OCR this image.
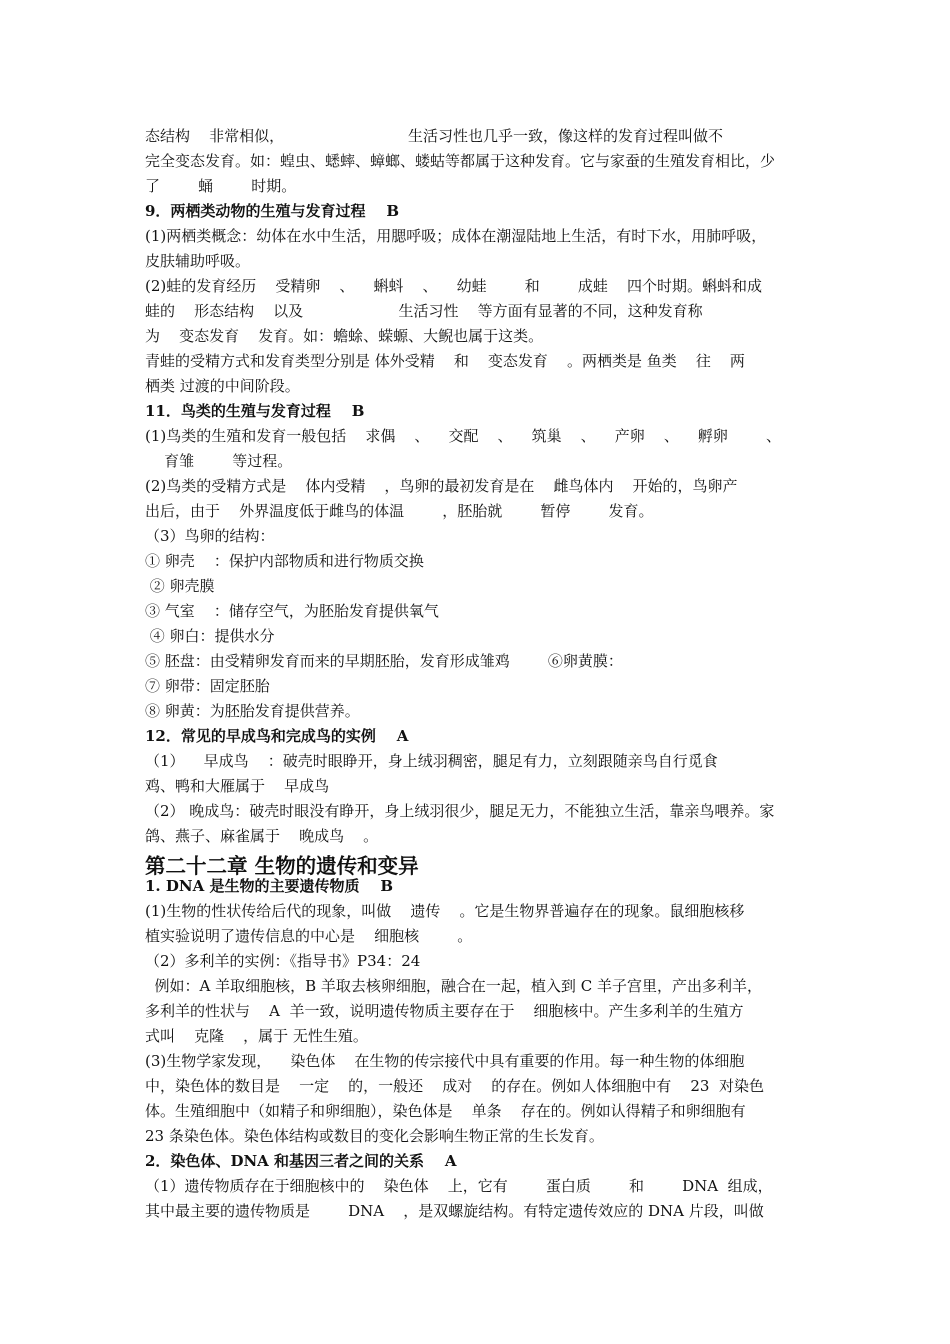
态结构    非常相似，                          生活习性也几乎一致，像这样的发育过程叫做不
完全变态发育。如：蝗虫、蟋蟀、蟑螂、蝼蛄等都属于这种发育。它与家蚕的生殖发育相比，少
了        蛹        时期。
9．两栖类动物的生殖与发育过程    B
(1)两栖类概念：幼体在水中生活，用腮呼吸；成体在潮湿陆地上生活，有时下水，用肺呼吸，
皮肤辅助呼吸。
(2)蛙的发育经历    受精卵    、    蝌蚪    、    幼蛙        和        成蛙    四个时期。蝌蚪和成
蛙的    形态结构    以及                    生活习性    等方面有显著的不同，这种发育称
为    变态发育    发育。如：蟾蜍、蝾螈、大鲵也属于这类。
青蛙的受精方式和发育类型分别是 体外受精    和    变态发育    。两栖类是 鱼类    往    两
栖类 过渡的中间阶段。
11．鸟类的生殖与发育过程    B
(1)鸟类的生殖和发育一般包括    求偶    、    交配    、    筑巢    、    产卵    、    孵卵        、
育雏        等过程。
(2)鸟类的受精方式是    体内受精    ，鸟卵的最初发育是在    雌鸟体内    开始的，鸟卵产
出后，由于    外界温度低于雌鸟的体温        ，胚胎就        暂停        发育。
（3）鸟卵的结构：
① 卵壳    ：保护内部物质和进行物质交换
② 卵壳膜
③ 气室    ：储存空气，为胚胎发育提供氧气
④ 卵白：提供水分
⑤ 胚盘：由受精卵发育而来的早期胚胎，发育形成雏鸡        ⑥卵黄膜：
⑦ 卵带：固定胚胎
⑧ 卵黄：为胚胎发育提供营养。
12．常见的早成鸟和完成鸟的实例    A
（1）    早成鸟    ：破壳时眼睁开，身上绒羽稠密，腿足有力，立刻跟随亲鸟自行觅食
鸡、鸭和大雁属于    早成鸟
（2） 晚成鸟：破壳时眼没有睁开，身上绒羽很少，腿足无力，不能独立生活，靠亲鸟喂养。家
鸽、燕子、麻雀属于    晚成鸟    。
第二十二章 生物的遗传和变异
1. DNA 是生物的主要遗传物质    B
(1)生物的性状传给后代的现象，叫做    遗传    。它是生物界普遍存在的现象。鼠细胞核移
植实验说明了遗传信息的中心是    细胞核        。
（2）多利羊的实例：《指导书》P34：24
例如：A 羊取细胞核，B 羊取去核卵细胞，融合在一起，植入到 C 羊子宫里，产出多利羊，
多利羊的性状与    A  羊一致，说明遗传物质主要存在于    细胞核中。产生多利羊的生殖方
式叫    克隆    ，属于 无性生殖。
(3)生物学家发现，    染色体    在生物的传宗接代中具有重要的作用。每一种生物的体细胞
中，染色体的数目是    一定    的，一般还    成对    的存在。例如人体细胞中有    23  对染色
体。生殖细胞中（如精子和卵细胞），染色体是    单条    存在的。例如认得精子和卵细胞有
23 条染色体。染色体结构或数目的变化会影响生物正常的生长发育。
2．染色体、DNA 和基因三者之间的关系    A
（1）遗传物质存在于细胞核中的    染色体    上，它有        蛋白质        和        DNA  组成，
其中最主要的遗传物质是        DNA    ，是双螺旋结构。有特定遗传效应的 DNA 片段，叫做
